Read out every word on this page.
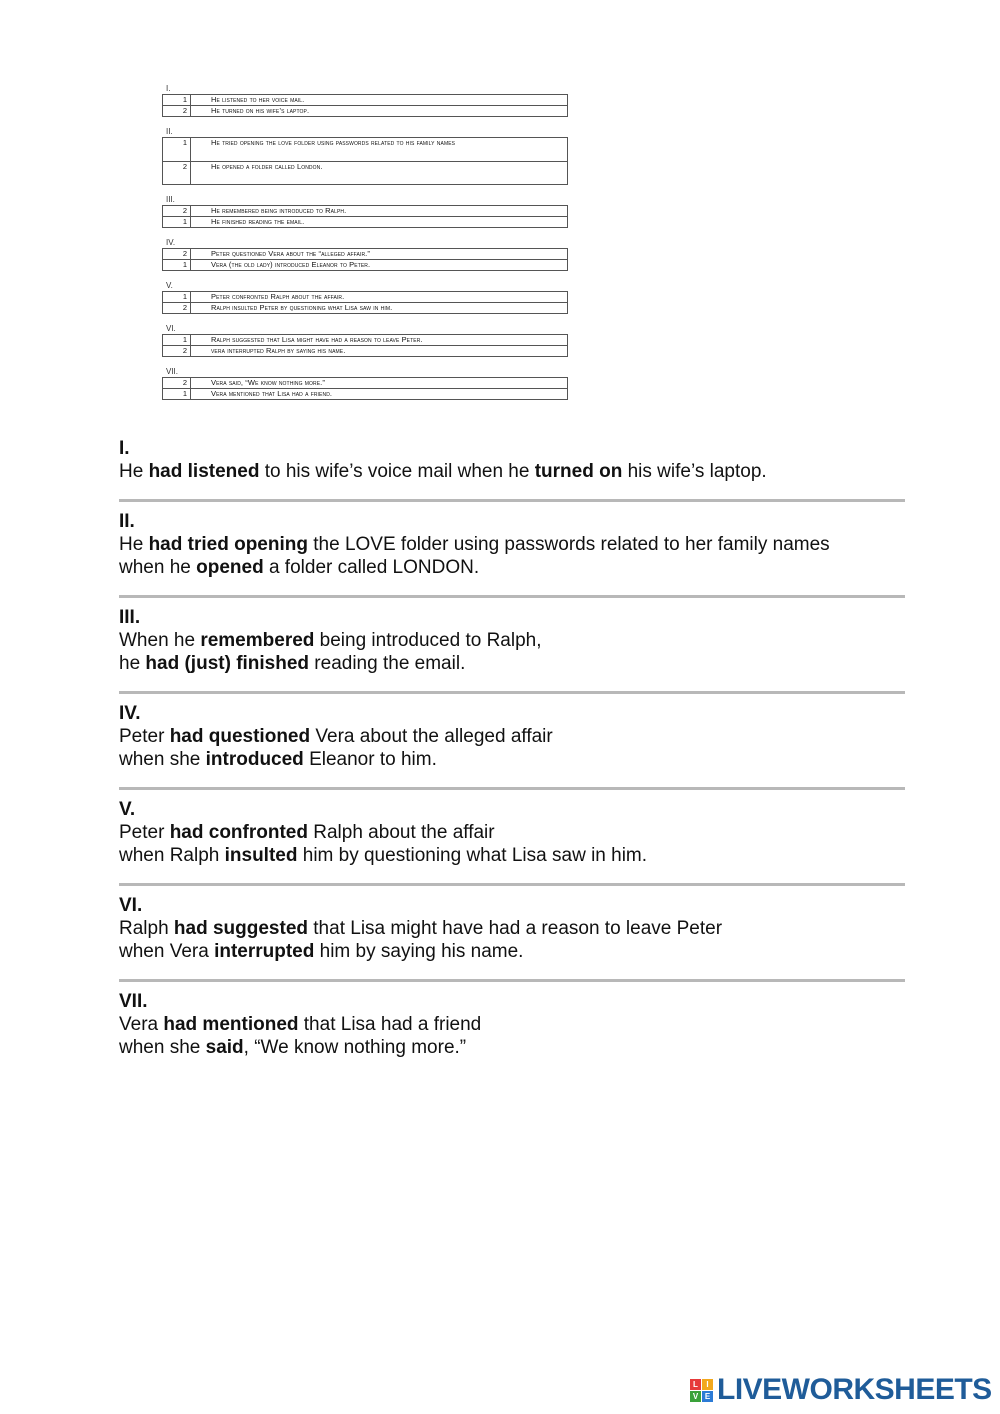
I.
1	He listened to her voice mail.
2	He turned on his wife’s laptop.
II.
1	He tried opening the love folder using passwords related to his family names
2	He opened a folder called London.
III.
2	He remembered being introduced to Ralph.
1	He finished reading the email.
IV.
2	Peter questioned Vera about the “alleged affair.”
1	Vera (the old lady) introduced Eleanor to Peter.
V.
1	Peter confronted Ralph about the affair.
2	Ralph insulted Peter by questioning what Lisa saw in him.
VI.
1	Ralph suggested that Lisa might have had a reason to leave Peter.
2	vera interrupted Ralph by saying his name.
VII.
2	Vera said, “We know nothing more.”
1	Vera mentioned that Lisa had a friend.

I.

He had listened to his wife’s voice mail when he turned on his wife’s laptop.

II.

He had tried opening the LOVE folder using passwords related to her family names

when he opened a folder called LONDON.

III.

When he remembered being introduced to Ralph,

he had (just) finished reading the email.

IV.

Peter had questioned Vera about the alleged affair

when she introduced Eleanor to him.

V.

Peter had confronted Ralph about the affair

when Ralph insulted him by questioning what Lisa saw in him.

VI.

Ralph had suggested that Lisa might have had a reason to leave Peter

when Vera interrupted him by saying his name.

VII.

Vera had mentioned that Lisa had a friend

when she said, “We know nothing more.”

L	I
V E LIVEWORKSHEETS
